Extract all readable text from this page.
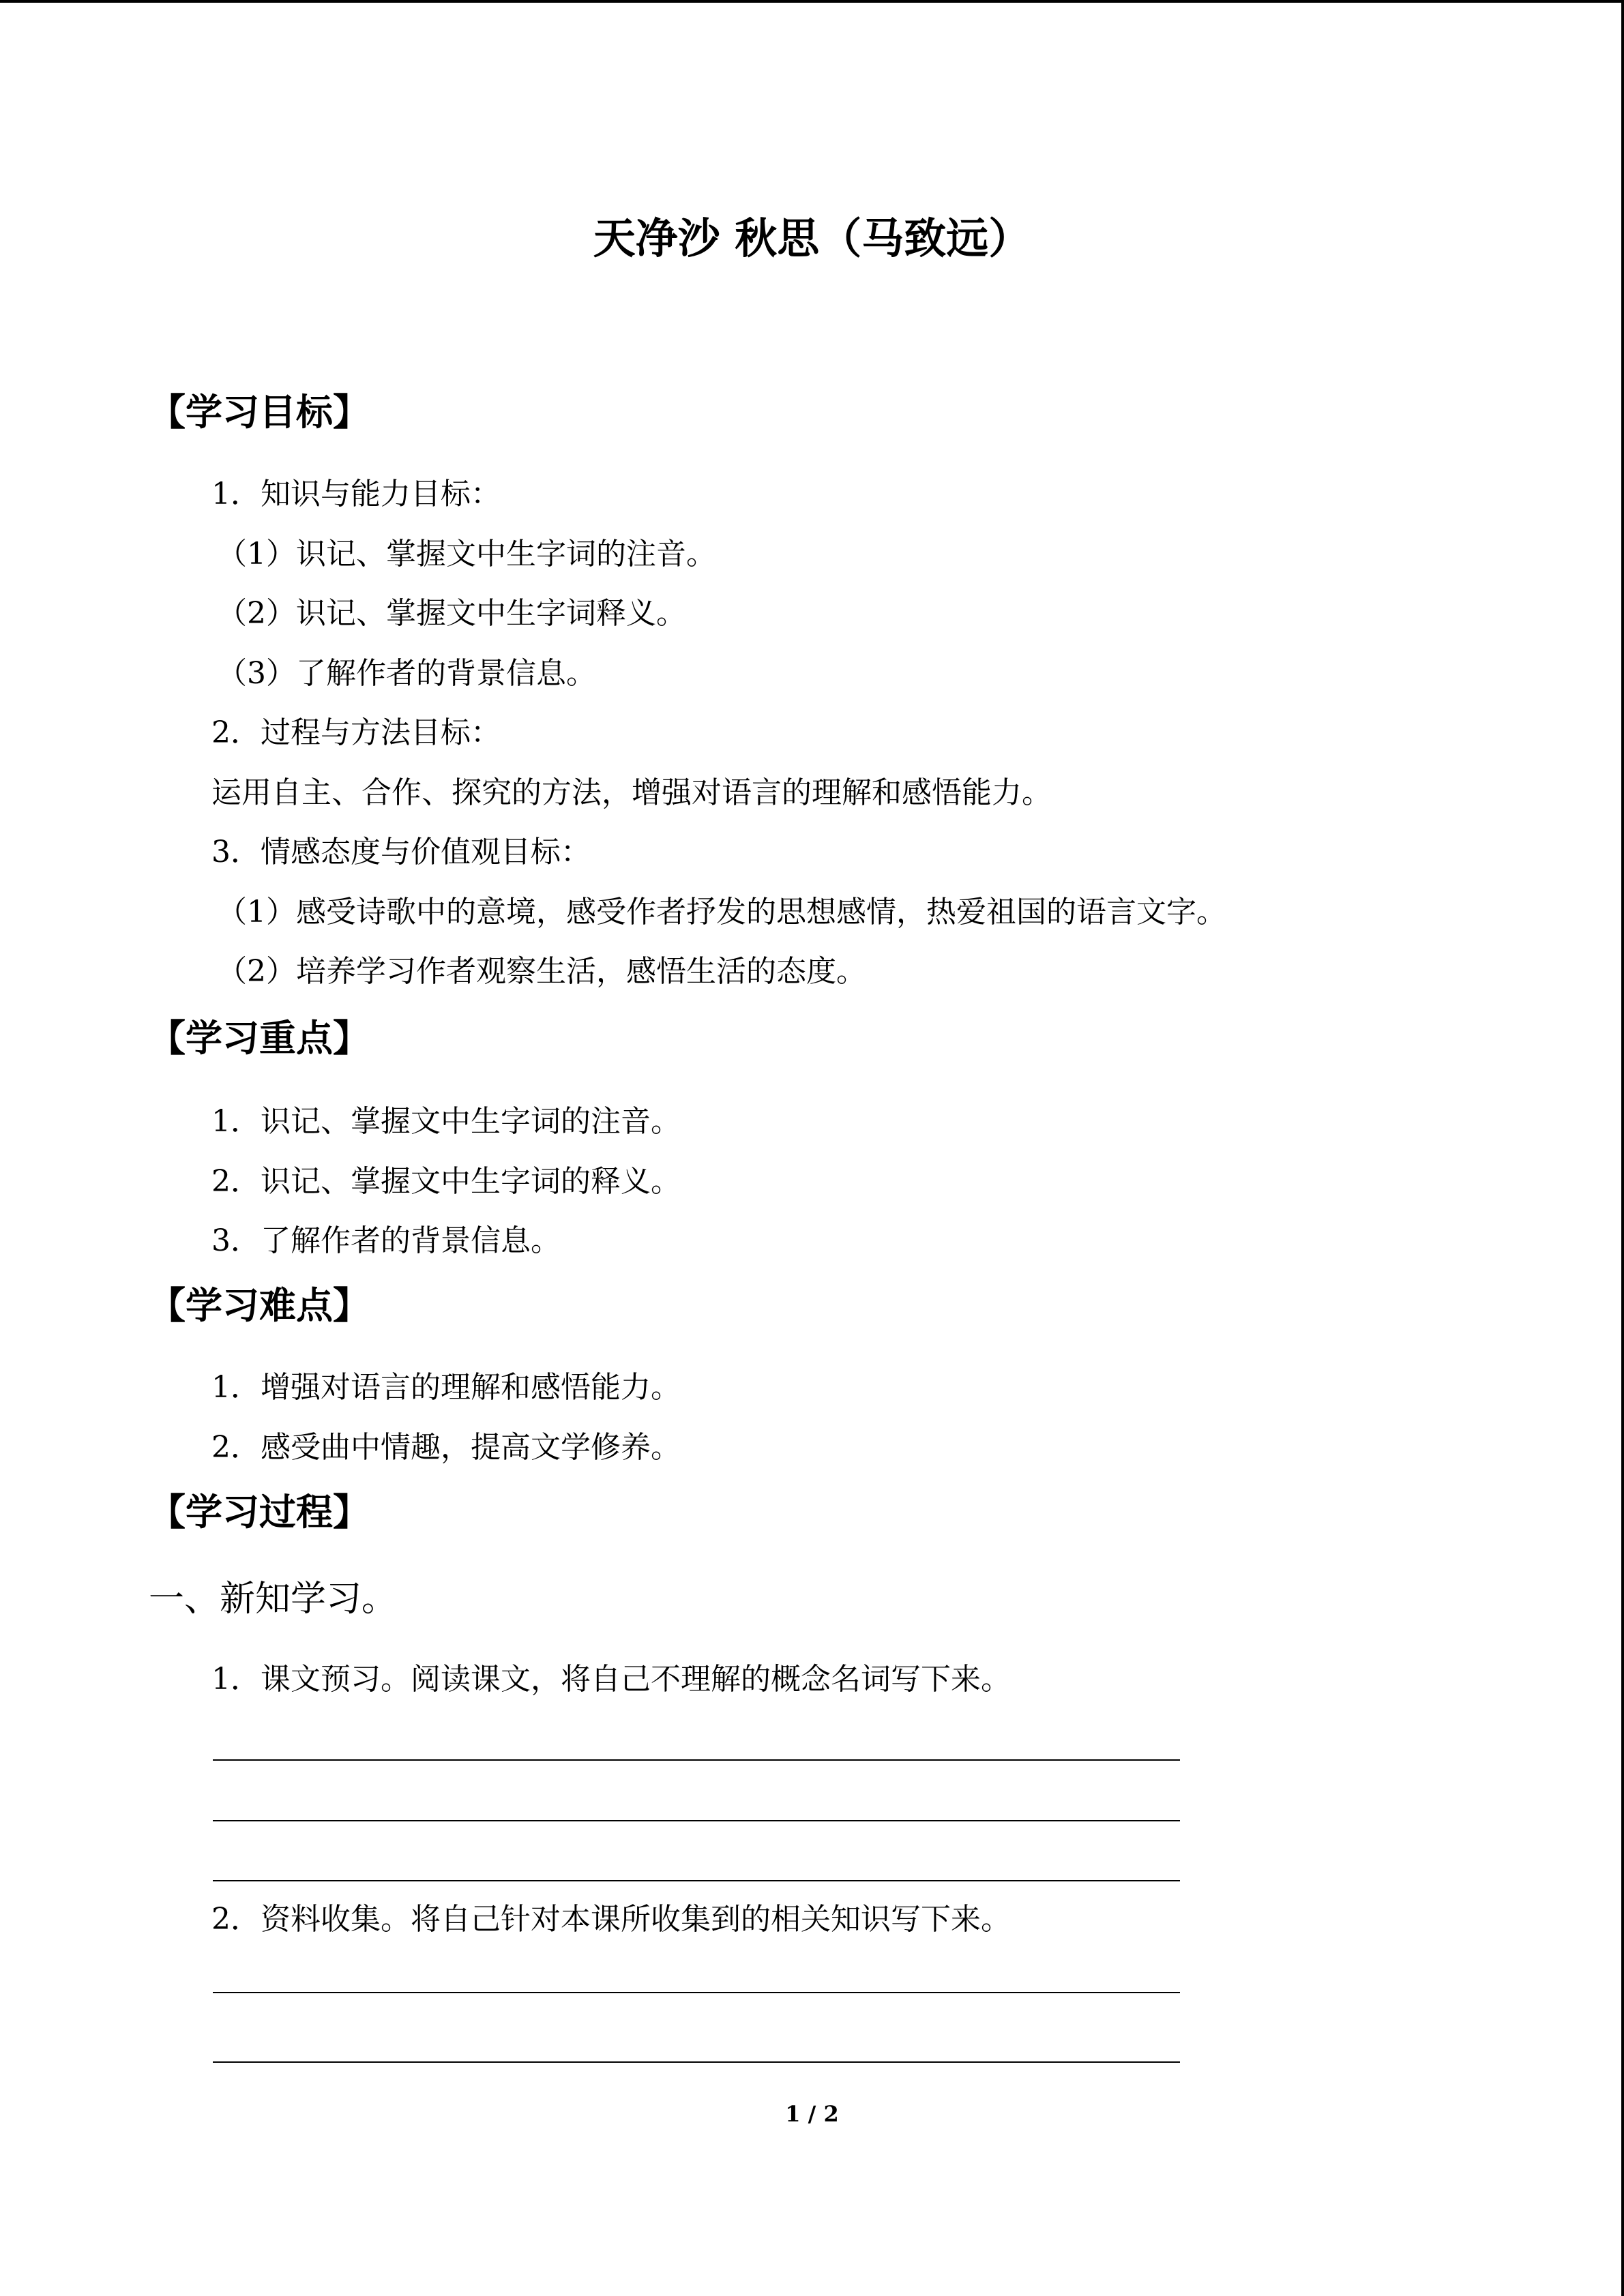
天净沙 秋思（马致远）
【学习目标】
1．知识与能力目标：
（1）识记、掌握文中生字词的注音。
（2）识记、掌握文中生字词释义。
（3）了解作者的背景信息。
2．过程与方法目标：
运用自主、合作、探究的方法，增强对语言的理解和感悟能力。
3．情感态度与价值观目标：
（1）感受诗歌中的意境，感受作者抒发的思想感情，热爱祖国的语言文字。
（2）培养学习作者观察生活，感悟生活的态度。
【学习重点】
1．识记、掌握文中生字词的注音。
2．识记、掌握文中生字词的释义。
3．了解作者的背景信息。
【学习难点】
1．增强对语言的理解和感悟能力。
2．感受曲中情趣，提高文学修养。
【学习过程】
一、新知学习。
1．课文预习。阅读课文，将自己不理解的概念名词写下来。
2．资料收集。将自己针对本课所收集到的相关知识写下来。
1 / 2
